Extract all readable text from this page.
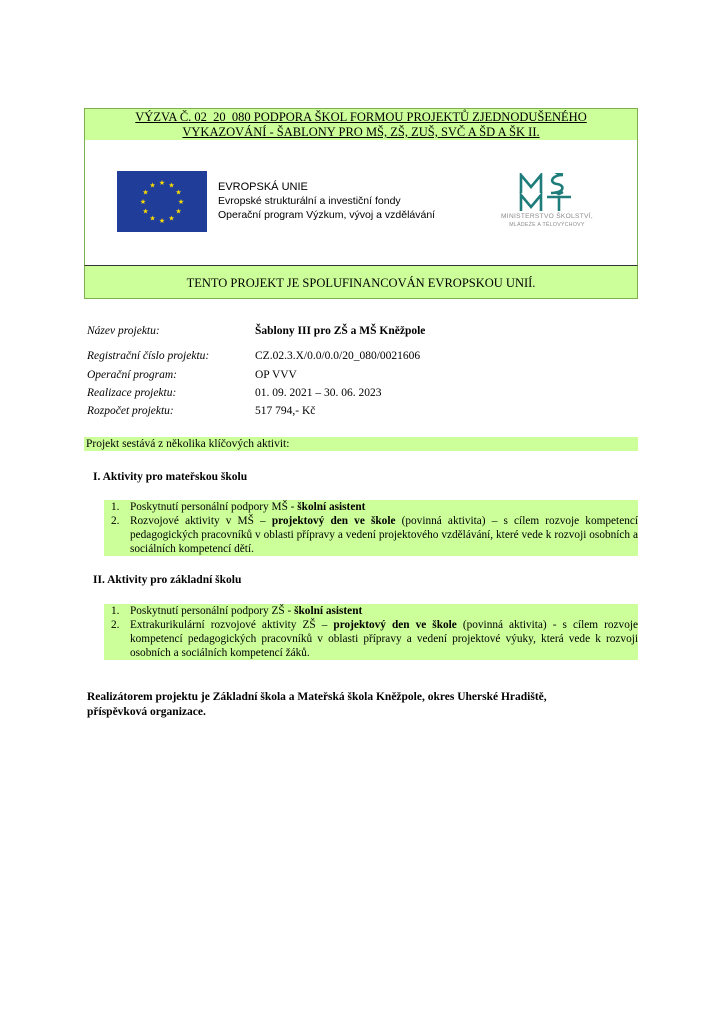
VÝZVA Č. 02_20_080 PODPORA ŠKOL FORMOU PROJEKTŮ ZJEDNODUŠENÉHO
VYKAZOVÁNÍ - ŠABLONY PRO MŠ, ZŠ, ZUŠ, SVČ A ŠD A ŠK II.
★ ★
★
★
★
★
★
★
★
★
★
★	EVROPSKÁ UNIE
Evropské strukturální a investiční fondy
Operační program Výzkum, vývoj a vzdělávání	MINISTERSTVO ŠKOLSTVÍ,
MLÁDEŽE A TĚLOVÝCHOVY
TENTO PROJEKT JE SPOLUFINANCOVÁN EVROPSKOU UNIÍ.
Název projektu:	Šablony III pro ZŠ a MŠ Kněžpole
Registrační číslo projektu:	CZ.02.3.X/0.0/0.0/20_080/0021606
Operační program:	OP VVV
Realizace projektu:	01. 09. 2021 – 30. 06. 2023
Rozpočet projektu:	517 794,- Kč
Projekt sestává z několika klíčových aktivit:
I. Aktivity pro mateřskou školu
1. Poskytnutí personální podpory MŠ - školní asistent
2. Rozvojové aktivity v MŠ – projektový den ve škole (povinná aktivita) – s cílem rozvoje kompetencí pedagogických pracovníků v oblasti přípravy a vedení projektového vzdělávání, které vede k rozvoji osobních a sociálních kompetencí dětí.
II. Aktivity pro základní školu
1. Poskytnutí personální podpory ZŠ - školní asistent
2. Extrakurikulární rozvojové aktivity ZŠ – projektový den ve škole (povinná aktivita) - s cílem rozvoje kompetencí pedagogických pracovníků v oblasti přípravy a vedení projektové výuky, která vede k rozvoji osobních a sociálních kompetencí žáků.
Realizátorem projektu je Základní škola a Mateřská škola Kněžpole, okres Uherské Hradiště, příspěvková organizace.
